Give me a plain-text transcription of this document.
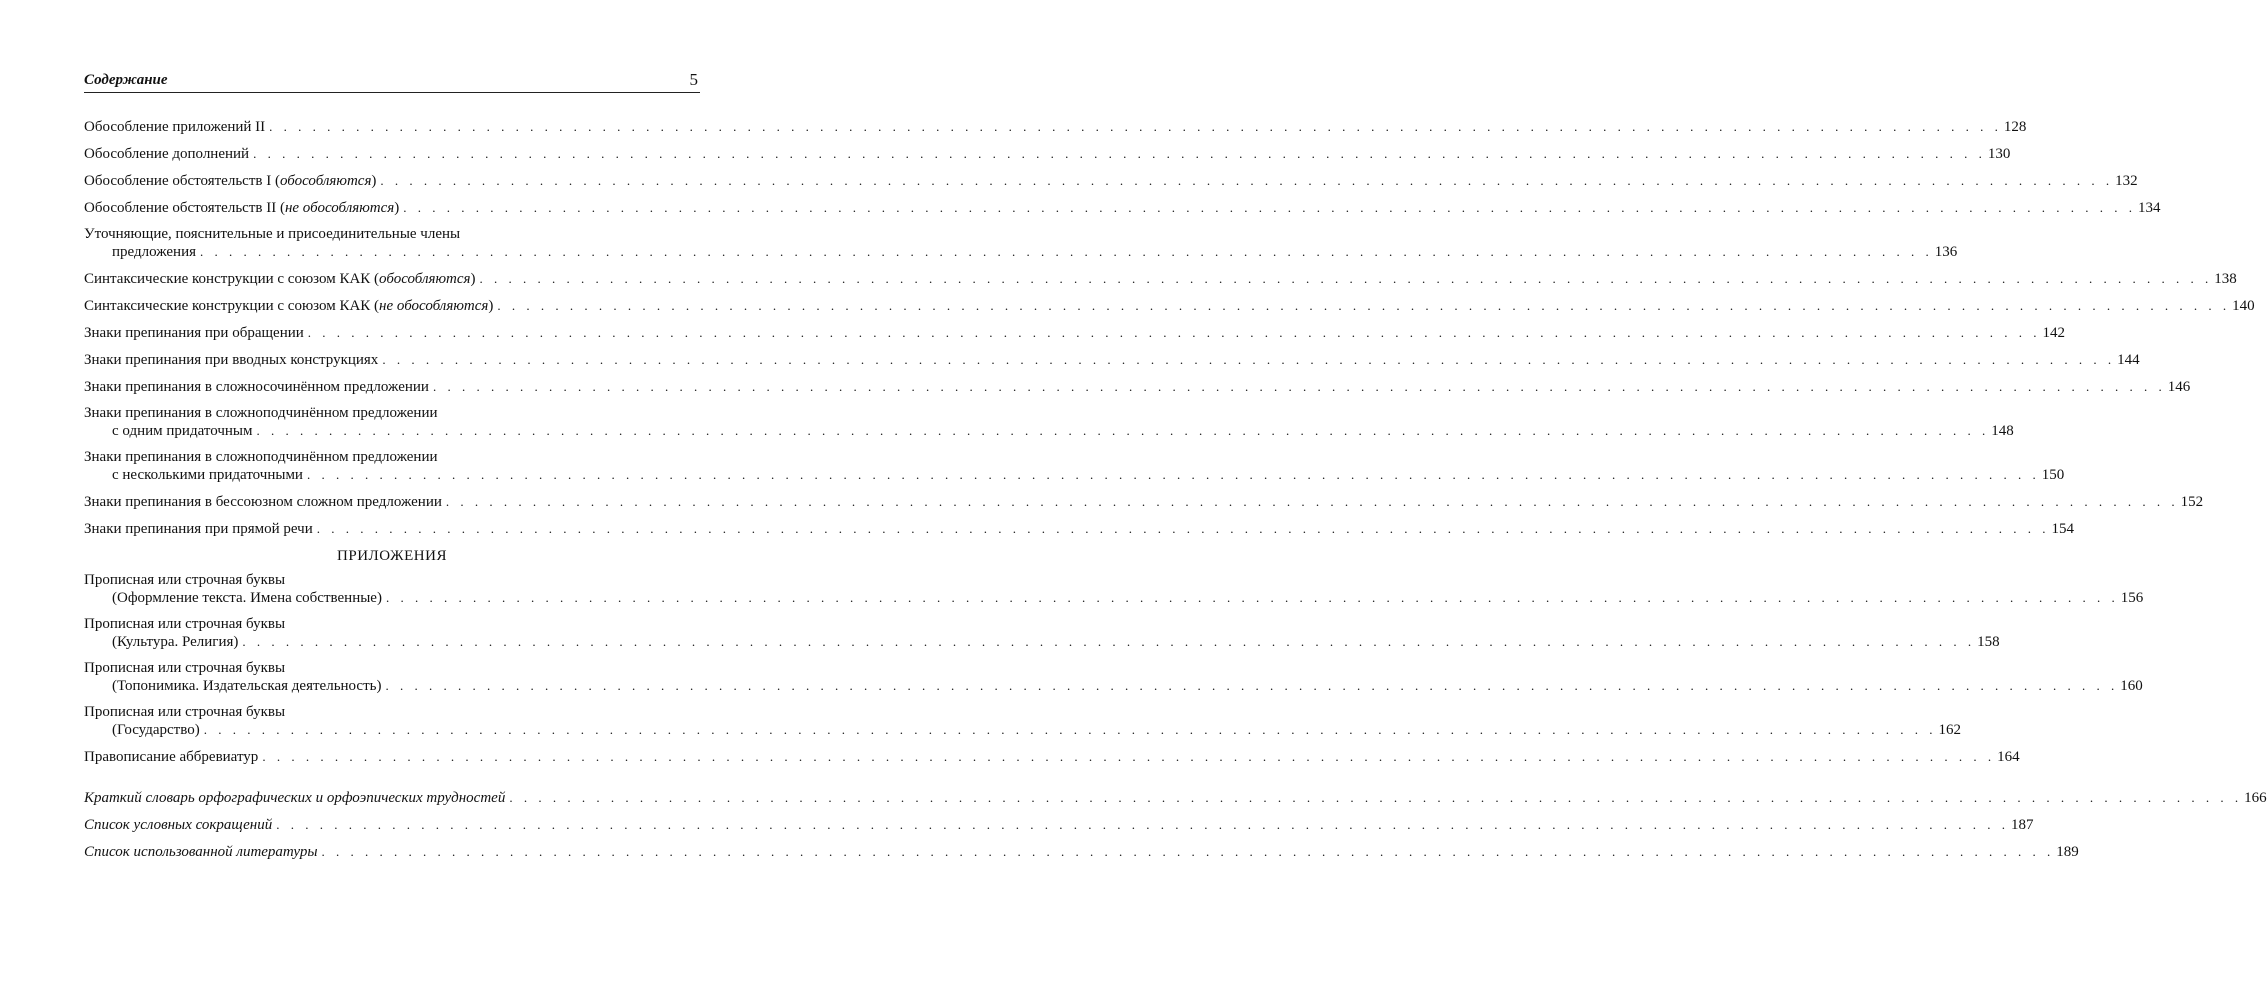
Содержание	5
Обособление приложений II . . . . . . . . . . . . . . . . . . . . . . . . . . . . . . . . . . . . . . . . . . . . . . . . . . . . . . . . . . . . . . . . . . . . . . . . . . . . . . . . . . . . . . . . . . . . . . . . . . . . . . . . . . . . . . . . . . . . . . . . 128
Обособление дополнений . . . . . . . . . . . . . . . . . . . . . . . . . . . . . . . . . . . . . . . . . . . . . . . . . . . . . . . . . . . . . . . . . . . . . . . . . . . . . . . . . . . . . . . . . . . . . . . . . . . . . . . . . . . . . . . . . . . . . . . . 130
Обособление обстоятельств I (обособляются) . . . . . . . . . . . . . . . . . . . . . . . . . . . . . . . . . . . . . . . . . . . . . . . . . . . . . . . . . . . . . . . . . . . . . . . . . . . . . . . . . . . . . . . . . . . . . . . . . . . . . . . . . . . . . . . . . . . . . . . . 132
Обособление обстоятельств II (не обособляются) . . . . . . . . . . . . . . . . . . . . . . . . . . . . . . . . . . . . . . . . . . . . . . . . . . . . . . . . . . . . . . . . . . . . . . . . . . . . . . . . . . . . . . . . . . . . . . . . . . . . . . . . . . . . . . . . . . . . . . . . 134
Уточняющие, пояснительные и присоединительные члены
предложения . . . . . . . . . . . . . . . . . . . . . . . . . . . . . . . . . . . . . . . . . . . . . . . . . . . . . . . . . . . . . . . . . . . . . . . . . . . . . . . . . . . . . . . . . . . . . . . . . . . . . . . . . . . . . . . . . . . . . . . . 136
Синтаксические конструкции с союзом КАК (обособляются) . . . . . . . . . . . . . . . . . . . . . . . . . . . . . . . . . . . . . . . . . . . . . . . . . . . . . . . . . . . . . . . . . . . . . . . . . . . . . . . . . . . . . . . . . . . . . . . . . . . . . . . . . . . . . . . . . . . . . . . . 138
Синтаксические конструкции с союзом КАК (не обособляются) . . . . . . . . . . . . . . . . . . . . . . . . . . . . . . . . . . . . . . . . . . . . . . . . . . . . . . . . . . . . . . . . . . . . . . . . . . . . . . . . . . . . . . . . . . . . . . . . . . . . . . . . . . . . . . . . . . . . . . . . 140
Знаки препинания при обращении . . . . . . . . . . . . . . . . . . . . . . . . . . . . . . . . . . . . . . . . . . . . . . . . . . . . . . . . . . . . . . . . . . . . . . . . . . . . . . . . . . . . . . . . . . . . . . . . . . . . . . . . . . . . . . . . . . . . . . . . 142
Знаки препинания при вводных конструкциях . . . . . . . . . . . . . . . . . . . . . . . . . . . . . . . . . . . . . . . . . . . . . . . . . . . . . . . . . . . . . . . . . . . . . . . . . . . . . . . . . . . . . . . . . . . . . . . . . . . . . . . . . . . . . . . . . . . . . . . . 144
Знаки препинания в сложносочинённом предложении . . . . . . . . . . . . . . . . . . . . . . . . . . . . . . . . . . . . . . . . . . . . . . . . . . . . . . . . . . . . . . . . . . . . . . . . . . . . . . . . . . . . . . . . . . . . . . . . . . . . . . . . . . . . . . . . . . . . . . . . 146
Знаки препинания в сложноподчинённом предложении
с одним придаточным . . . . . . . . . . . . . . . . . . . . . . . . . . . . . . . . . . . . . . . . . . . . . . . . . . . . . . . . . . . . . . . . . . . . . . . . . . . . . . . . . . . . . . . . . . . . . . . . . . . . . . . . . . . . . . . . . . . . . . . . 148
Знаки препинания в сложноподчинённом предложении
с несколькими придаточными . . . . . . . . . . . . . . . . . . . . . . . . . . . . . . . . . . . . . . . . . . . . . . . . . . . . . . . . . . . . . . . . . . . . . . . . . . . . . . . . . . . . . . . . . . . . . . . . . . . . . . . . . . . . . . . . . . . . . . . . 150
Знаки препинания в бессоюзном сложном предложении . . . . . . . . . . . . . . . . . . . . . . . . . . . . . . . . . . . . . . . . . . . . . . . . . . . . . . . . . . . . . . . . . . . . . . . . . . . . . . . . . . . . . . . . . . . . . . . . . . . . . . . . . . . . . . . . . . . . . . . . 152
Знаки препинания при прямой речи . . . . . . . . . . . . . . . . . . . . . . . . . . . . . . . . . . . . . . . . . . . . . . . . . . . . . . . . . . . . . . . . . . . . . . . . . . . . . . . . . . . . . . . . . . . . . . . . . . . . . . . . . . . . . . . . . . . . . . . . 154
ПРИЛОЖЕНИЯ
Прописная или строчная буквы
(Оформление текста. Имена собственные) . . . . . . . . . . . . . . . . . . . . . . . . . . . . . . . . . . . . . . . . . . . . . . . . . . . . . . . . . . . . . . . . . . . . . . . . . . . . . . . . . . . . . . . . . . . . . . . . . . . . . . . . . . . . . . . . . . . . . . . . 156
Прописная или строчная буквы
(Культура. Религия) . . . . . . . . . . . . . . . . . . . . . . . . . . . . . . . . . . . . . . . . . . . . . . . . . . . . . . . . . . . . . . . . . . . . . . . . . . . . . . . . . . . . . . . . . . . . . . . . . . . . . . . . . . . . . . . . . . . . . . . . 158
Прописная или строчная буквы
(Топонимика. Издательская деятельность) . . . . . . . . . . . . . . . . . . . . . . . . . . . . . . . . . . . . . . . . . . . . . . . . . . . . . . . . . . . . . . . . . . . . . . . . . . . . . . . . . . . . . . . . . . . . . . . . . . . . . . . . . . . . . . . . . . . . . . . . 160
Прописная или строчная буквы
(Государство) . . . . . . . . . . . . . . . . . . . . . . . . . . . . . . . . . . . . . . . . . . . . . . . . . . . . . . . . . . . . . . . . . . . . . . . . . . . . . . . . . . . . . . . . . . . . . . . . . . . . . . . . . . . . . . . . . . . . . . . . 162
Правописание аббревиатур . . . . . . . . . . . . . . . . . . . . . . . . . . . . . . . . . . . . . . . . . . . . . . . . . . . . . . . . . . . . . . . . . . . . . . . . . . . . . . . . . . . . . . . . . . . . . . . . . . . . . . . . . . . . . . . . . . . . . . . . 164
Краткий словарь орфографических и орфоэпических трудностей . . . . . . . . . . . . . . . . . . . . . . . . . . . . . . . . . . . . . . . . . . . . . . . . . . . . . . . . . . . . . . . . . . . . . . . . . . . . . . . . . . . . . . . . . . . . . . . . . . . . . . . . . . . . . . . . . . . . . . . . 166
Список условных сокращений . . . . . . . . . . . . . . . . . . . . . . . . . . . . . . . . . . . . . . . . . . . . . . . . . . . . . . . . . . . . . . . . . . . . . . . . . . . . . . . . . . . . . . . . . . . . . . . . . . . . . . . . . . . . . . . . . . . . . . . . 187
Список использованной литературы . . . . . . . . . . . . . . . . . . . . . . . . . . . . . . . . . . . . . . . . . . . . . . . . . . . . . . . . . . . . . . . . . . . . . . . . . . . . . . . . . . . . . . . . . . . . . . . . . . . . . . . . . . . . . . . . . . . . . . . . 189
